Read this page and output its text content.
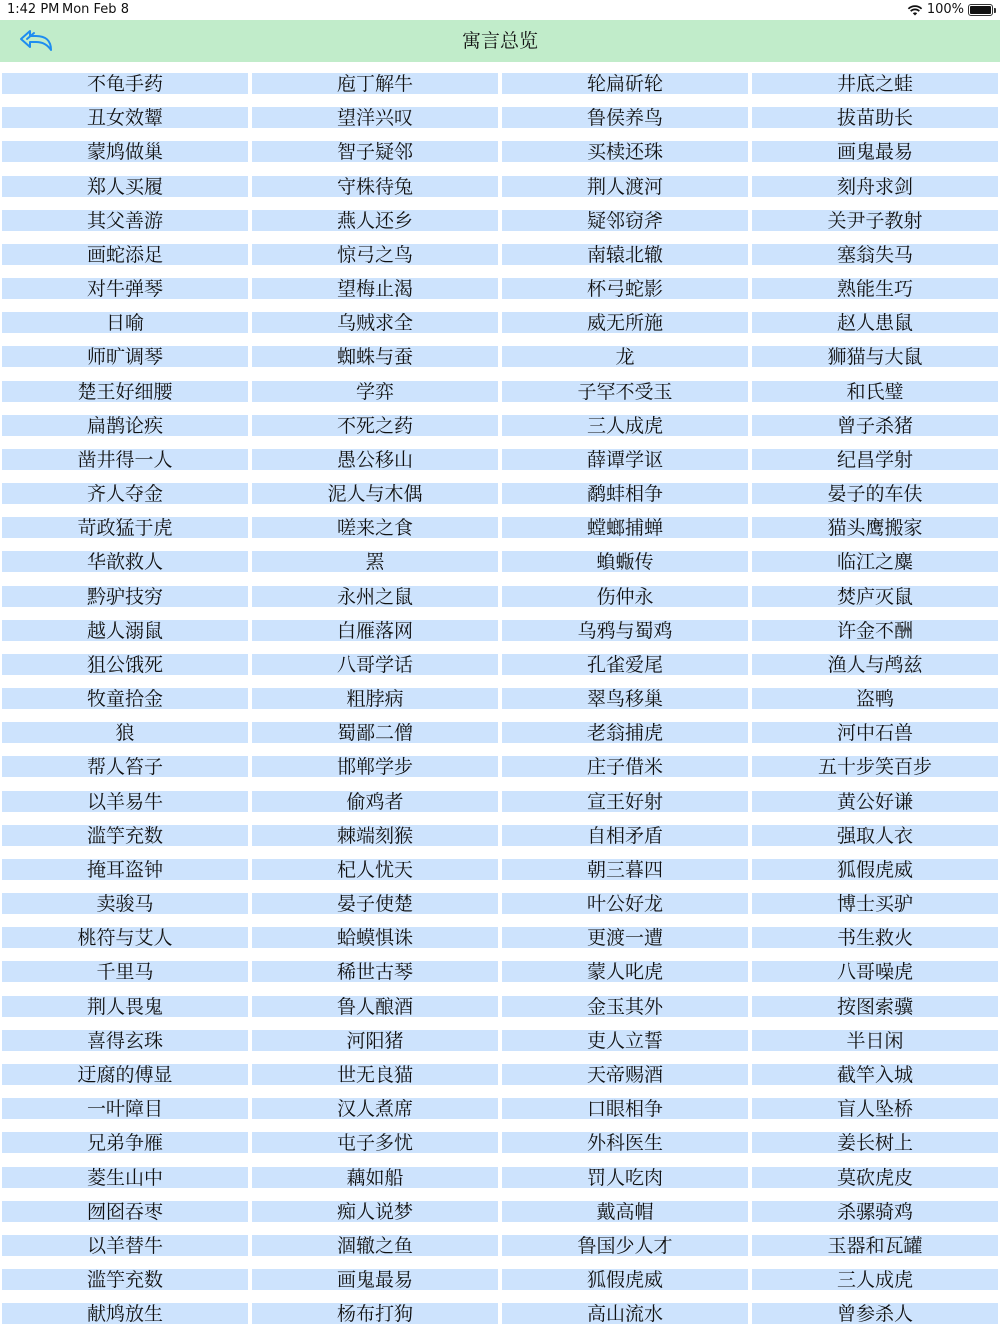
1:42 PM Mon Feb 8	100%
寓言总览
不龟手药	庖丁解牛	轮扁斫轮	井底之蛙
丑女效颦	望洋兴叹	鲁侯养鸟	拔苗助长
蒙鸠做巢	智子疑邻	买椟还珠	画鬼最易
郑人买履	守株待兔	荆人渡河	刻舟求剑
其父善游	燕人还乡	疑邻窃斧	关尹子教射
画蛇添足	惊弓之鸟	南辕北辙	塞翁失马
对牛弹琴	望梅止渴	杯弓蛇影	熟能生巧
日喻	乌贼求全	威无所施	赵人患鼠
师旷调琴	蜘蛛与蚕	龙	狮猫与大鼠
楚王好细腰	学弈	子罕不受玉	和氏璧
扁鹊论疾	不死之药	三人成虎	曾子杀猪
凿井得一人	愚公移山	薛谭学讴	纪昌学射
齐人夺金	泥人与木偶	鹬蚌相争	晏子的车伕
苛政猛于虎	嗟来之食	螳螂捕蝉	猫头鹰搬家
华歆救人	罴	蝜蝂传	临江之麋
黔驴技穷	永州之鼠	伤仲永	焚庐灭鼠
越人溺鼠	白雁落网	乌鸦与蜀鸡	许金不酬
狙公饿死	八哥学话	孔雀爱尾	渔人与鸬兹
牧童拾金	粗脖病	翠鸟移巢	盗鸭
狼	蜀鄙二僧	老翁捕虎	河中石兽
帮人笞子	邯郸学步	庄子借米	五十步笑百步
以羊易牛	偷鸡者	宣王好射	黄公好谦
滥竽充数	棘端刻猴	自相矛盾	强取人衣
掩耳盗钟	杞人忧天	朝三暮四	狐假虎威
卖骏马	晏子使楚	叶公好龙	博士买驴
桃符与艾人	蛤蟆惧诛	更渡一遭	书生救火
千里马	稀世古琴	蒙人叱虎	八哥噪虎
荆人畏鬼	鲁人酿酒	金玉其外	按图索骥
喜得玄珠	河阳猪	吏人立誓	半日闲
迂腐的傅显	世无良猫	天帝赐酒	截竿入城
一叶障目	汉人煮席	口眼相争	盲人坠桥
兄弟争雁	屯子多忧	外科医生	姜长树上
菱生山中	藕如船	罚人吃肉	莫砍虎皮
囫囵吞枣	痴人说梦	戴高帽	杀骡骑鸡
以羊替牛	涸辙之鱼	鲁国少人才	玉器和瓦罐
滥竽充数	画鬼最易	狐假虎威	三人成虎
献鸠放生	杨布打狗	高山流水	曾参杀人
